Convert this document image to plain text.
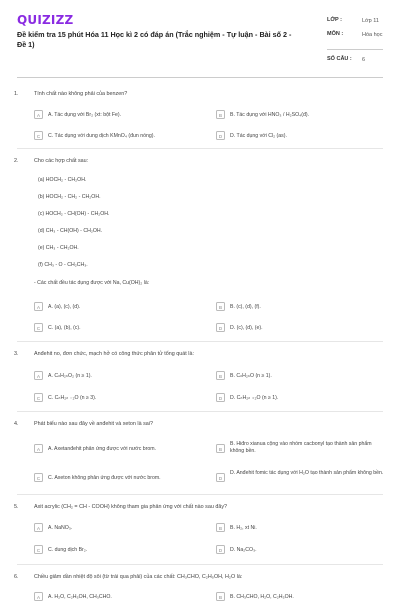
QUIZIZZ
Đề kiểm tra 15 phút Hóa 11 Học kì 2 có đáp án (Trắc nghiệm - Tự luận - Bài số 2 - Đề 1)
LỚP :	Lớp 11
MÔN :	Hóa học
SỐ CÂU : 6
1.	Tính chất nào không phải của benzen?
A	A. Tác dụng với Br₂ (xt: bột Fe).	B	B. Tác dụng với HNO₃ / H₂SO₄(đ).
C	C. Tác dụng với dung dịch KMnO₄ (đun nóng).	D	D. Tác dụng với Cl₂ (as).
2.	Cho các hợp chất sau:
(a) HOCH₂ - CH₂OH.
(b) HOCH₂ - CH₂ - CH₂OH.
(c) HOCH₂ - CH(OH) - CH₂OH.
(d) CH₃ - CH(OH) - CH₂OH.
(e) CH₃ - CH₂OH.
(f) CH₃ - O - CH₂CH₃.
- Các chất đều tác dụng được với Na, Cu(OH)₂ là:
A	A. (a), (c), (d).	B	B. (c), (d), (f).
C	C. (a), (b), (c).	D	D. (c), (d), (e).
3.	Anđehit no, đơn chức, mạch hở có công thức phân tử tổng quát là:
A	A. CₙH₂ₙO₂ (n ≥ 1).	B	B. CₙH₂ₙO (n ≥ 1).
C	C. CₙH₂ₙ ₋₂O (n ≥ 3).	D	D. CₙH₂ₙ ₊₂O (n ≥ 1).
4.	Phát biểu nào sau đây về anđehit và xeton là sai?
A	A. Axetanđehit phản ứng được với nước brom.	B
B. Hiđro xianua cộng vào nhóm cacbonyl tạo thành sản phẩm không bền.
C	C. Axeton không phản ứng được với nước brom.	D
D. Anđehit fomic tác dụng với H₂O tạo thành sản phẩm không bền.
5.	Axit acrylic (CH₂ = CH - COOH) không tham gia phản ứng với chất nào sau đây?
A	A. NaNO₃.	B	B. H₂, xt Ni.
C	C. dung dịch Br₂.	D	D. Na₂CO₃.
6.	Chiều giảm dần nhiệt độ sôi (từ trái qua phải) của các chất: CH₃CHO, C₂H₅OH, H₂O là:
A	A. H₂O, C₂H₅OH, CH₃CHO.	B	B. CH₃CHO, H₂O, C₂H₅OH.
